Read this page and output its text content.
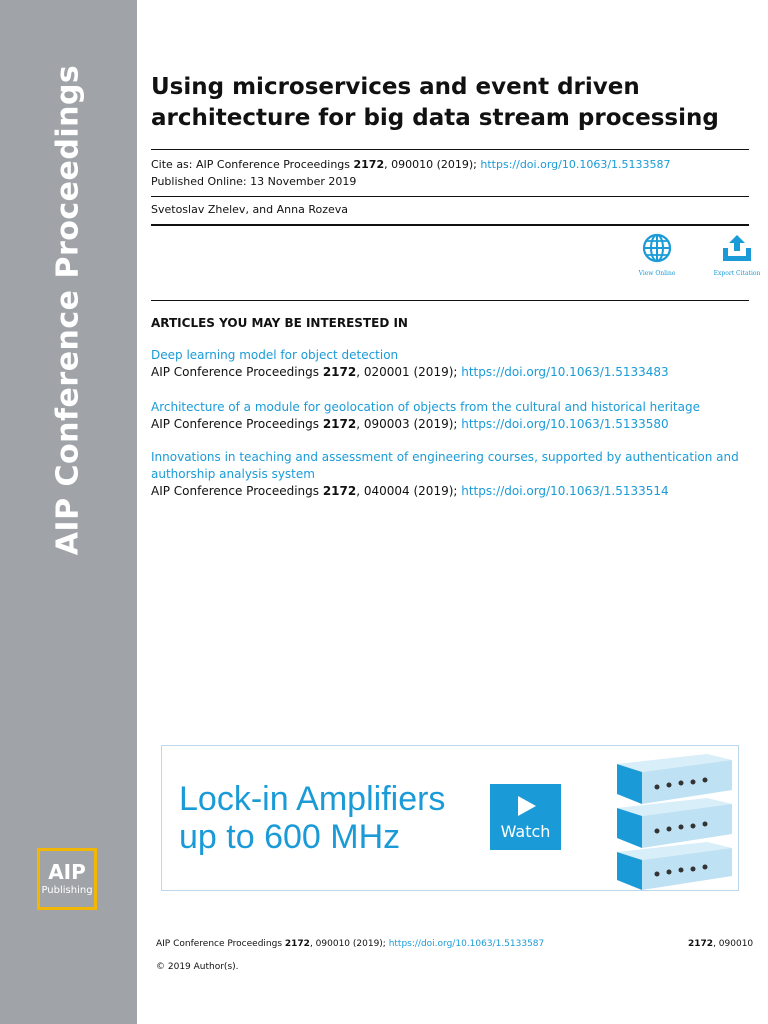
AIP Conference Proceedings
AIP
Publishing
Using microservices and event driven architecture for big data stream processing
Cite as: AIP Conference Proceedings 2172, 090010 (2019); https://doi.org/10.1063/1.5133587
Published Online: 13 November 2019
Svetoslav Zhelev, and Anna Rozeva
View Online	Export Citation
ARTICLES YOU MAY BE INTERESTED IN
Deep learning model for object detection
AIP Conference Proceedings 2172, 020001 (2019); https://doi.org/10.1063/1.5133483
Architecture of a module for geolocation of objects from the cultural and historical heritage
AIP Conference Proceedings 2172, 090003 (2019); https://doi.org/10.1063/1.5133580
Innovations in teaching and assessment of engineering courses, supported by authentication and authorship analysis system
AIP Conference Proceedings 2172, 040004 (2019); https://doi.org/10.1063/1.5133514
Lock-in Amplifiers
up to 600 MHz	Watch
AIP Conference Proceedings 2172, 090010 (2019); https://doi.org/10.1063/1.5133587	2172, 090010
© 2019 Author(s).
